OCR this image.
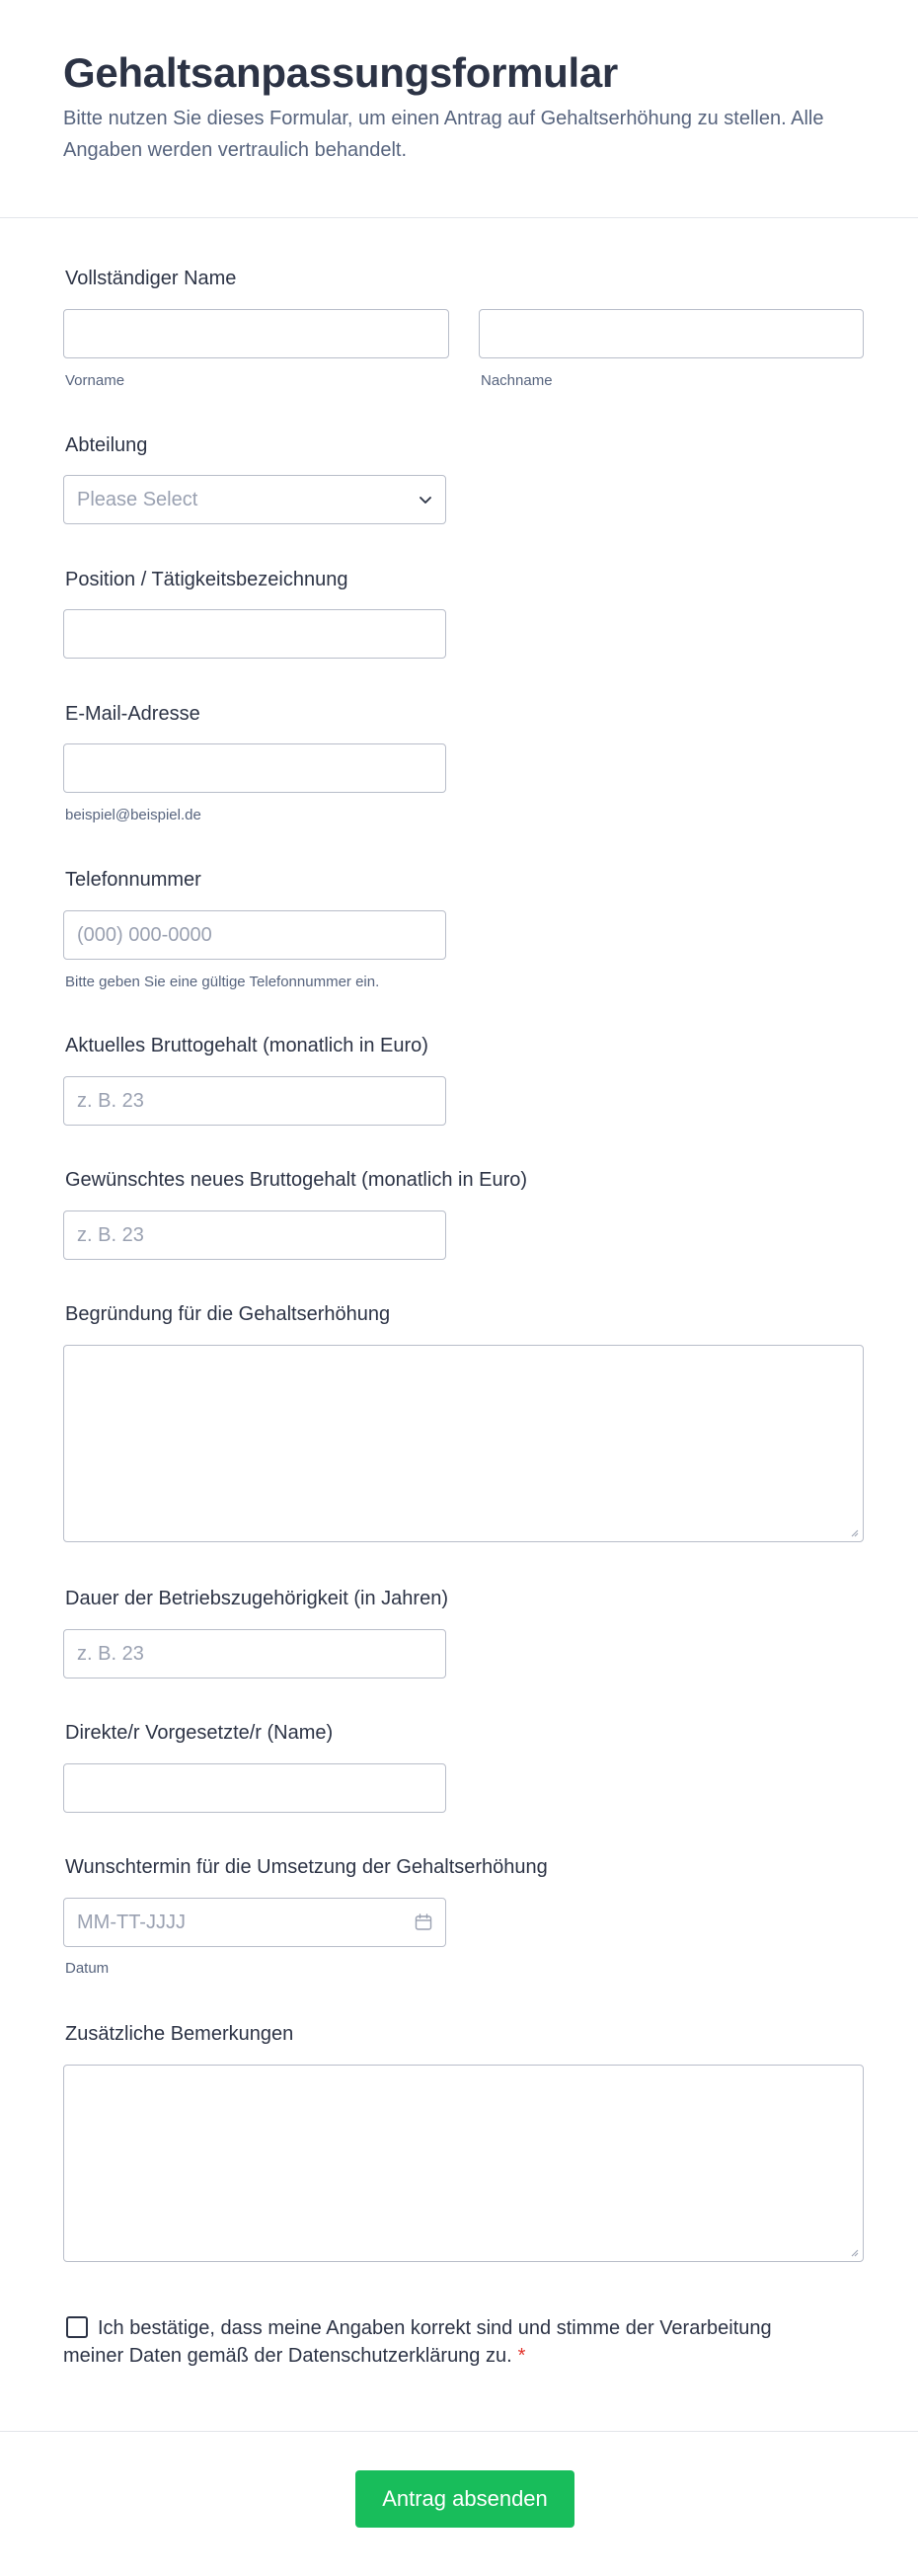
Gehaltsanpassungsformular
Bitte nutzen Sie dieses Formular, um einen Antrag auf Gehaltserhöhung zu stellen. Alle Angaben werden vertraulich behandelt.
Vollständiger Name
Vorname	Nachname
Abteilung
Please Select
Position / Tätigkeitsbezeichnung
E-Mail-Adresse
beispiel@beispiel.de
Telefonnummer
(000) 000-0000
Bitte geben Sie eine gültige Telefonnummer ein.
Aktuelles Bruttogehalt (monatlich in Euro)
z. B. 23
Gewünschtes neues Bruttogehalt (monatlich in Euro)
z. B. 23
Begründung für die Gehaltserhöhung
Dauer der Betriebszugehörigkeit (in Jahren)
z. B. 23
Direkte/r Vorgesetzte/r (Name)
Wunschtermin für die Umsetzung der Gehaltserhöhung
MM-TT-JJJJ
Datum
Zusätzliche Bemerkungen
Ich bestätige, dass meine Angaben korrekt sind und stimme der Verarbeitung meiner Daten gemäß der Datenschutzerklärung zu. *
Antrag absenden
